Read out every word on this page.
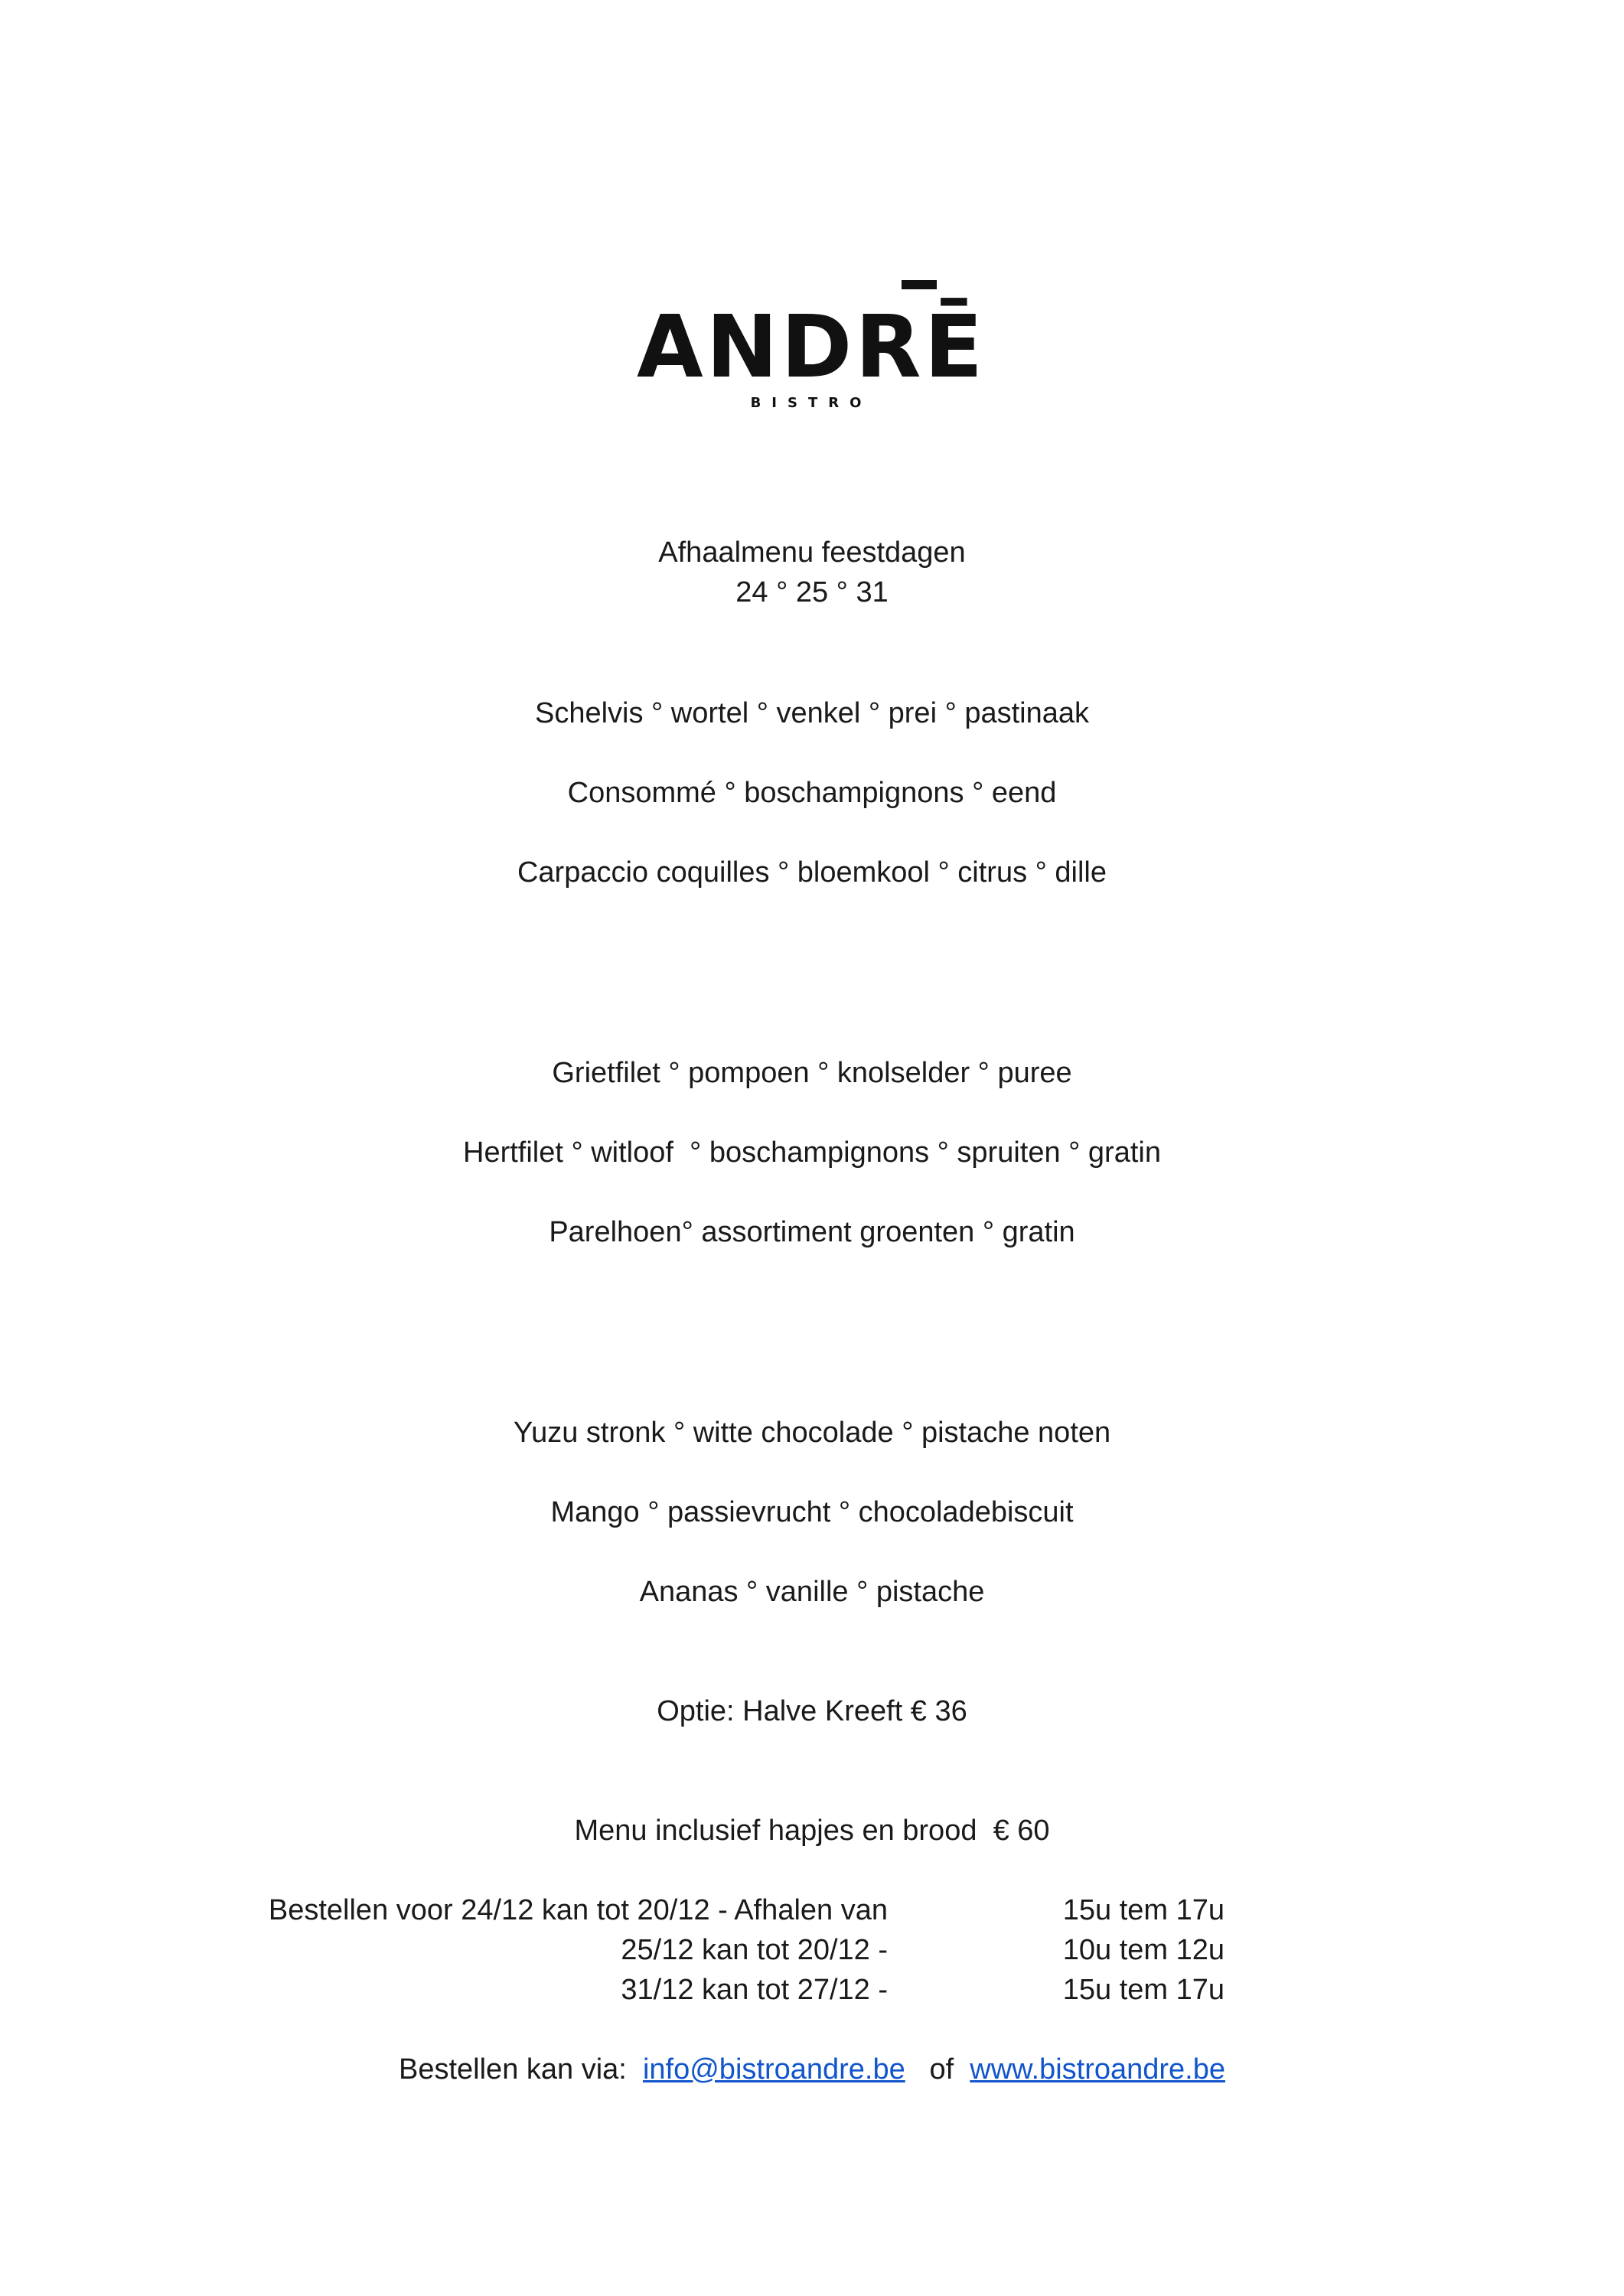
ANDRĒ
BISTRO
Afhaalmenu feestdagen
24 ° 25 ° 31
Schelvis ° wortel ° venkel ° prei ° pastinaak
Consommé ° boschampignons ° eend
Carpaccio coquilles ° bloemkool ° citrus ° dille
Grietfilet ° pompoen ° knolselder ° puree
Hertfilet ° witloof  ° boschampignons ° spruiten ° gratin
Parelhoen° assortiment groenten ° gratin
Yuzu stronk ° witte chocolade ° pistache noten
Mango ° passievrucht ° chocoladebiscuit
Ananas ° vanille ° pistache
Optie: Halve Kreeft € 36
Menu inclusief hapjes en brood  € 60
Bestellen voor 24/12 kan tot 20/12 - Afhalen van	15u tem 17u
25/12 kan tot 20/12 -	10u tem 12u
31/12 kan tot 27/12 -	15u tem 17u
Bestellen kan via: info@bistroandre.be of www.bistroandre.be
